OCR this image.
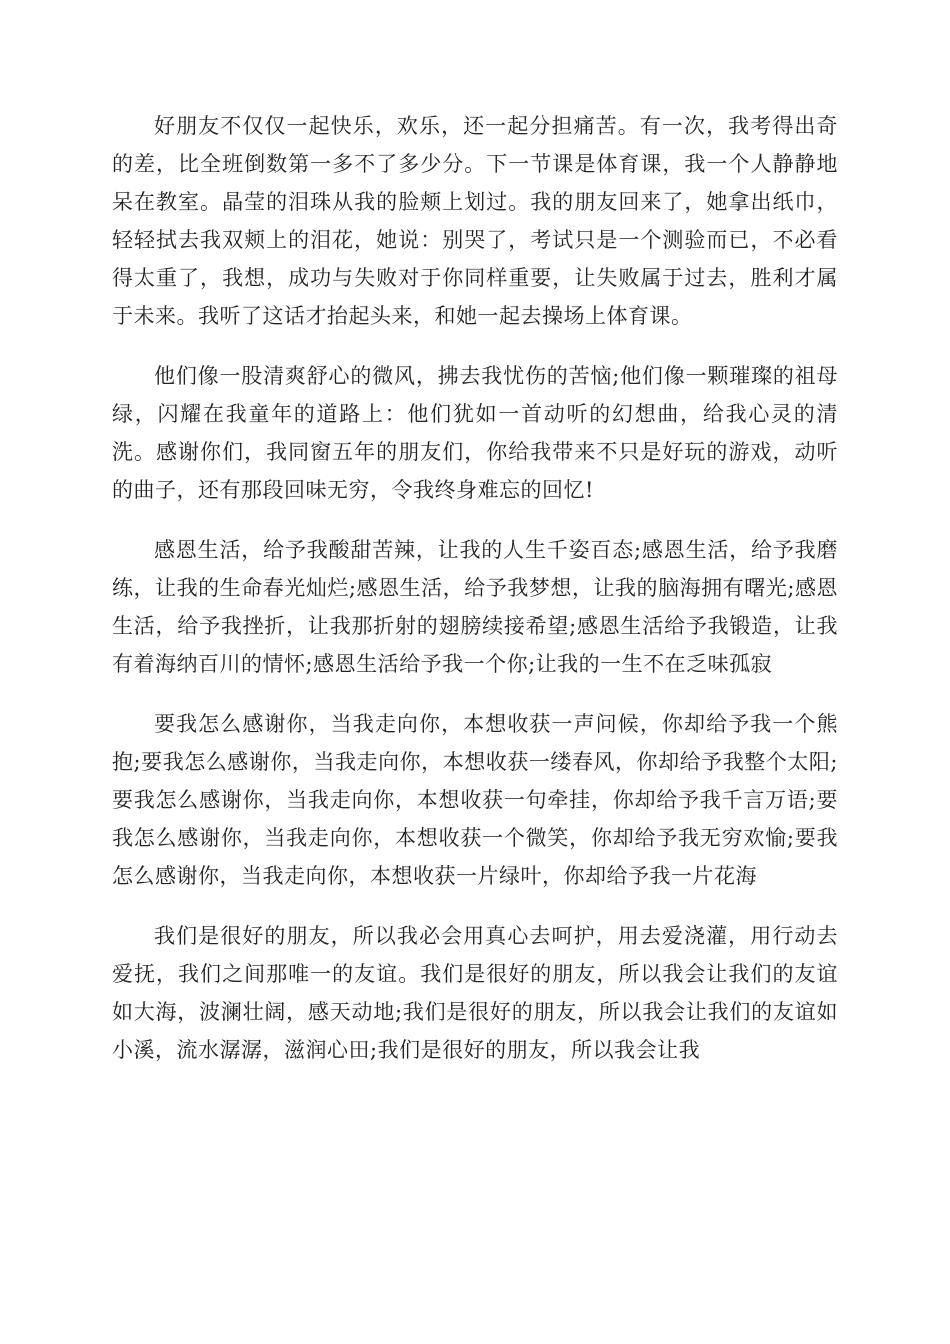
好朋友不仅仅一起快乐，欢乐，还一起分担痛苦。有一次，我考得出奇的差，比全班倒数第一多不了多少分。下一节课是体育课，我一个人静静地呆在教室。晶莹的泪珠从我的脸颊上划过。我的朋友回来了，她拿出纸巾，轻轻拭去我双颊上的泪花，她说：别哭了，考试只是一个测验而已，不必看得太重了，我想，成功与失败对于你同样重要，让失败属于过去，胜利才属于未来。我听了这话才抬起头来，和她一起去操场上体育课。

他们像一股清爽舒心的微风，拂去我忧伤的苦恼;他们像一颗璀璨的祖母绿，闪耀在我童年的道路上：他们犹如一首动听的幻想曲，给我心灵的清洗。感谢你们，我同窗五年的朋友们，你给我带来不只是好玩的游戏，动听的曲子，还有那段回味无穷，令我终身难忘的回忆!

感恩生活，给予我酸甜苦辣，让我的人生千姿百态;感恩生活，给予我磨练，让我的生命春光灿烂;感恩生活，给予我梦想，让我的脑海拥有曙光;感恩生活，给予我挫折，让我那折射的翅膀续接希望;感恩生活给予我锻造，让我有着海纳百川的情怀;感恩生活给予我一个你;让我的一生不在乏味孤寂

要我怎么感谢你，当我走向你，本想收获一声问候，你却给予我一个熊抱;要我怎么感谢你，当我走向你，本想收获一缕春风，你却给予我整个太阳;要我怎么感谢你，当我走向你，本想收获一句牵挂，你却给予我千言万语;要我怎么感谢你，当我走向你，本想收获一个微笑，你却给予我无穷欢愉;要我怎么感谢你，当我走向你，本想收获一片绿叶，你却给予我一片花海

我们是很好的朋友，所以我必会用真心去呵护，用去爱浇灌，用行动去爱抚，我们之间那唯一的友谊。我们是很好的朋友，所以我会让我们的友谊如大海，波澜壮阔，感天动地;我们是很好的朋友，所以我会让我们的友谊如小溪，流水潺潺，滋润心田;我们是很好的朋友，所以我会让我
